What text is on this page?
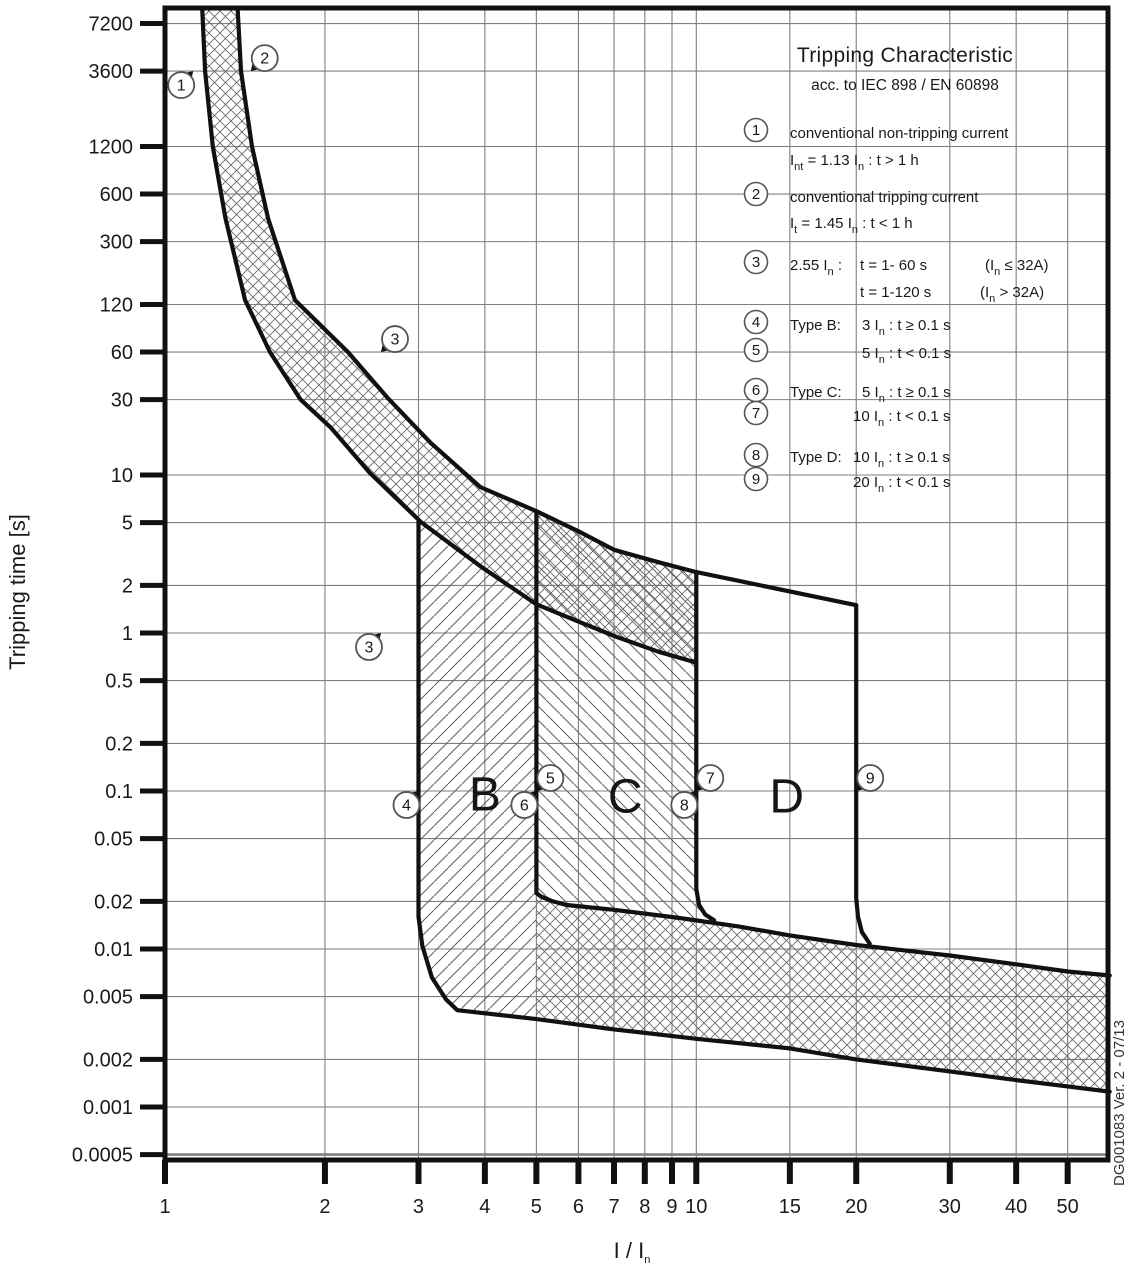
7200
3600
1200
600
300
120
60
30
10
5
2
1
0.5
0.2
0.1
0.05
0.02
0.01
0.005
0.002
0.001
0.0005
1	2	3	4 5 6 7 8 9 10	15 20	30 40 50
I / $I_n$
B C	D
1
2
3
3
4
5
6
7
8
9
1 conventional non-tripping current
$I_{nt} = 1.13$ $I_n$ : t > 1 h
2 conventional tripping current
$I_t = 1.45$ $I_n$ : t < 1 h
3 2.55 $I_n$ : t = 1- 60 s	$(I_n \le 32A)$
t = 1-120 s	$(I_n > 32A)$
4 Type B: 3 $I_n$ : t ≥ 0.1 s
5	5 $I_n$ : t < 0.1 s
6 Type C: 5 $I_n$ : t ≥ 0.1 s
7	10 $I_n$ : t < 0.1 s
8 Type D: 10 $I_n$ : t ≥ 0.1 s
9	20 $I_n$ : t < 0.1 s
Tripping Characteristic
acc. to IEC 898 / EN 60898
Tripping time [s]
DG001083 Ver. 2 - 07/13
